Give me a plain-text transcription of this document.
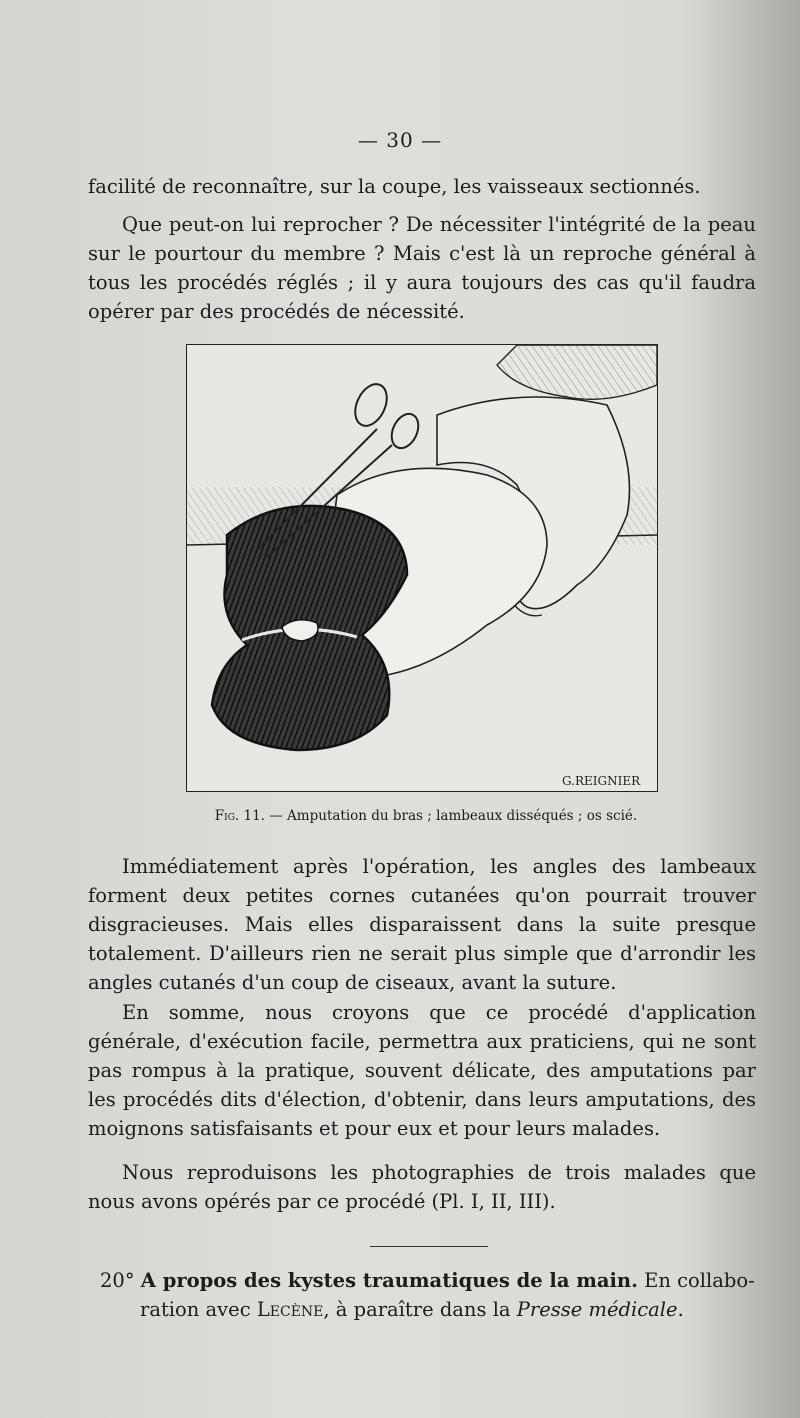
— 30 —

facilité de reconnaître, sur la coupe, les vaisseaux sectionnés.

Que peut-on lui reprocher ? De nécessiter l'intégrité de la peau sur le pourtour du membre ? Mais c'est là un reproche général à tous les procédés réglés ; il y aura toujours des cas qu'il faudra opérer par des procédés de nécessité.

G.REIGNIER
Fig. 11. — Amputation du bras ; lambeaux disséqués ; os scié.

Immédiatement après l'opération, les angles des lambeaux forment deux petites cornes cutanées qu'on pourrait trouver disgracieuses. Mais elles disparaissent dans la suite presque totalement. D'ailleurs rien ne serait plus simple que d'arrondir les angles cutanés d'un coup de ciseaux, avant la suture.

En somme, nous croyons que ce procédé d'application générale, d'exécution facile, permettra aux praticiens, qui ne sont pas rompus à la pratique, souvent délicate, des amputations par les procédés dits d'élection, d'obtenir, dans leurs amputations, des moignons satisfaisants et pour eux et pour leurs malades.

Nous reproduisons les photographies de trois malades que nous avons opérés par ce procédé (Pl. I, II, III).

20° A propos des kystes traumatiques de la main. En collabo-
ration avec Lecène, à paraître dans la Presse médicale.
